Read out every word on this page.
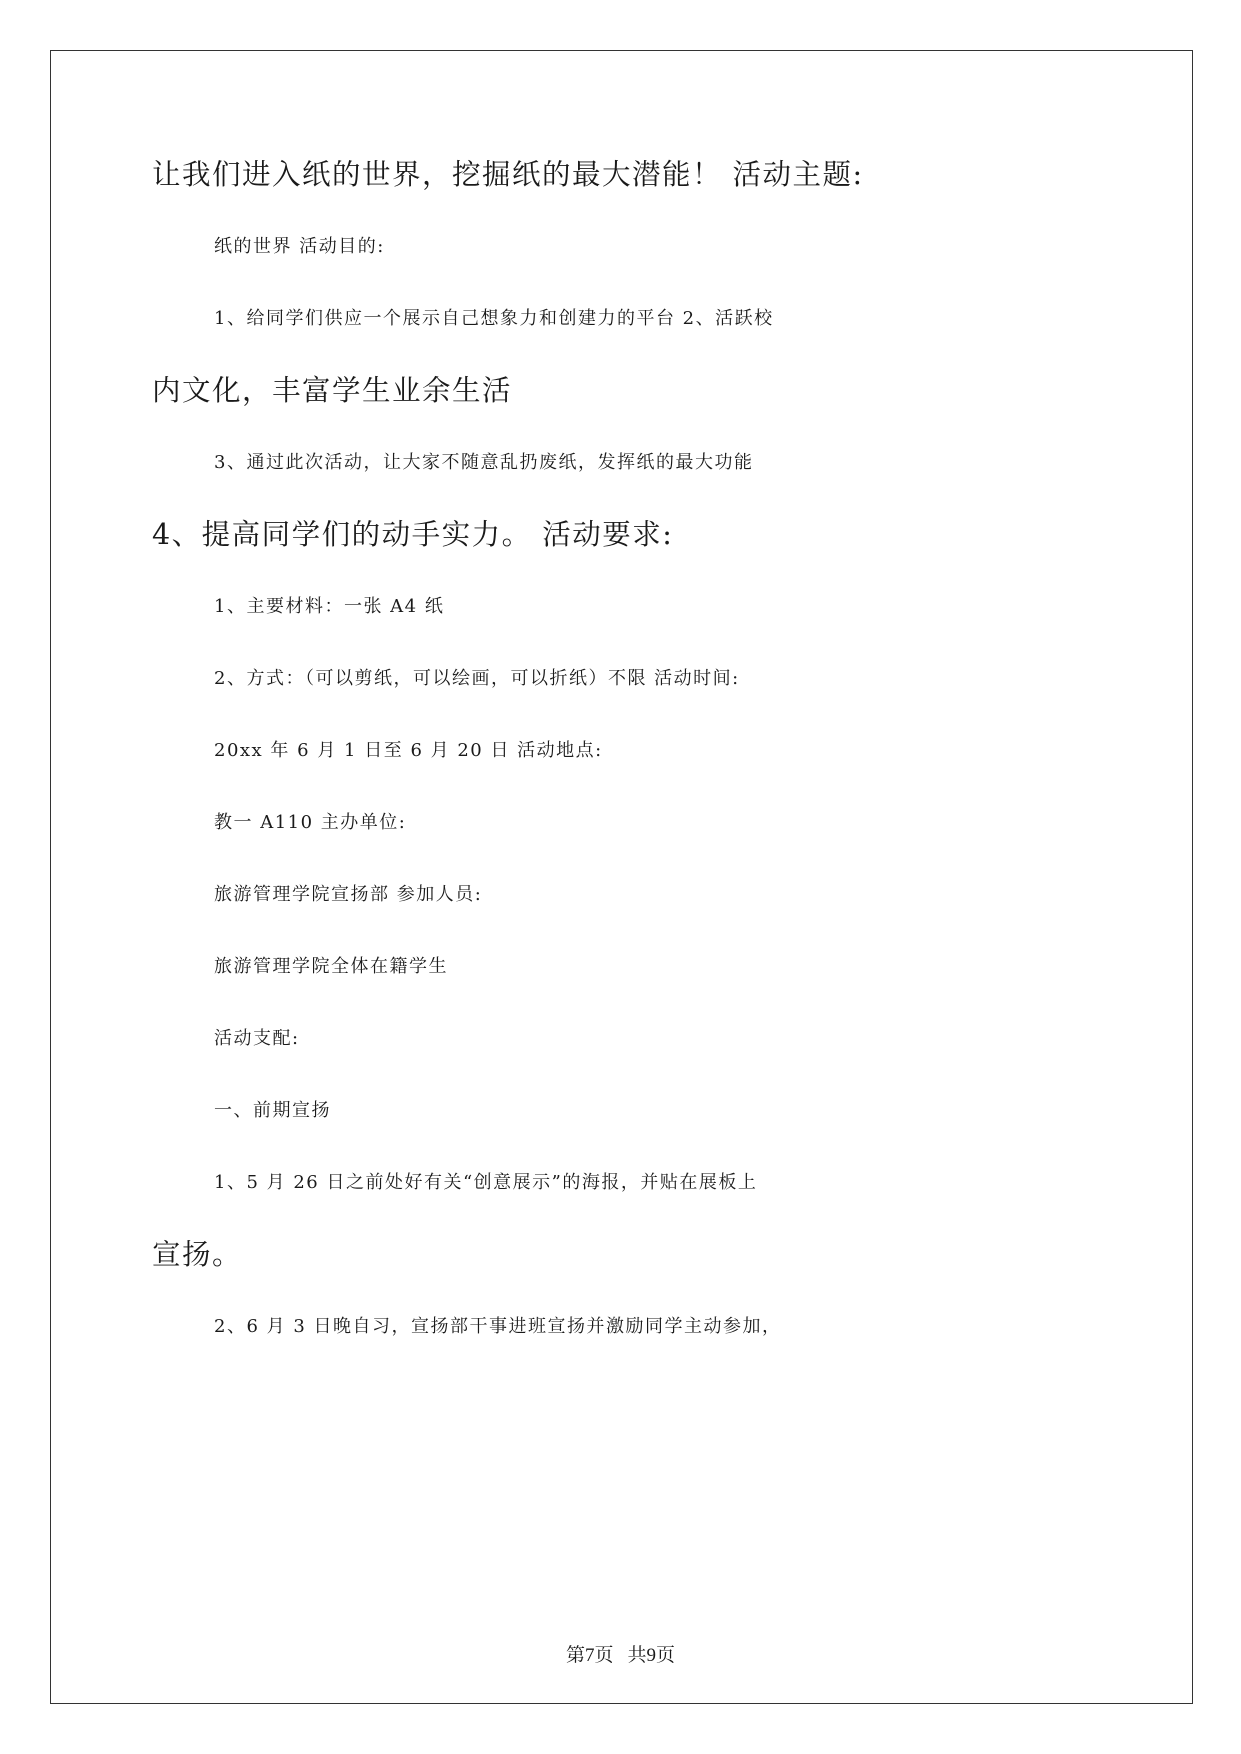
让我们进入纸的世界，挖掘纸的最大潜能！ 活动主题:
纸的世界 活动目的:
1、给同学们供应一个展示自己想象力和创建力的平台 2、活跃校
内文化，丰富学生业余生活
3、通过此次活动，让大家不随意乱扔废纸，发挥纸的最大功能
4、提高同学们的动手实力。 活动要求:
1、主要材料：一张 A4 纸
2、方式：（可以剪纸，可以绘画，可以折纸）不限 活动时间:
20xx 年 6 月 1 日至 6 月 20 日 活动地点:
教一 A110 主办单位:
旅游管理学院宣扬部 参加人员:
旅游管理学院全体在籍学生
活动支配:
一、前期宣扬
1、5 月 26 日之前处好有关“创意展示”的海报，并贴在展板上
宣扬。
2、6 月 3 日晚自习，宣扬部干事进班宣扬并激励同学主动参加，
第7页 共9页
